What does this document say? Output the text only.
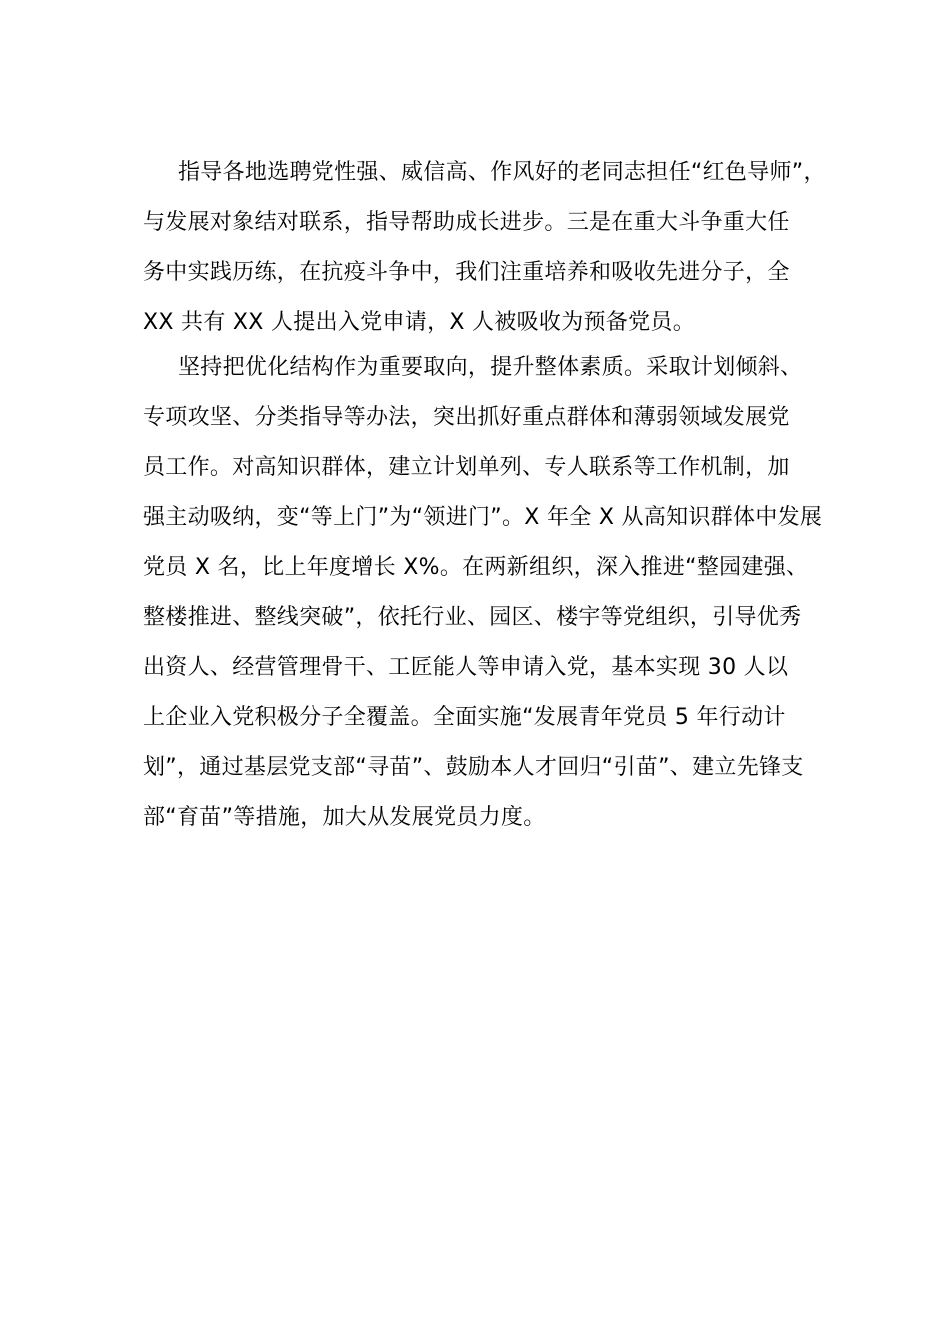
指导各地选聘党性强、威信高、作风好的老同志担任“红色导师”，
与发展对象结对联系，指导帮助成长进步。三是在重大斗争重大任
务中实践历练，在抗疫斗争中，我们注重培养和吸收先进分子，全
XX 共有 XX 人提出入党申请，X 人被吸收为预备党员。
坚持把优化结构作为重要取向，提升整体素质。采取计划倾斜、
专项攻坚、分类指导等办法，突出抓好重点群体和薄弱领域发展党
员工作。对高知识群体，建立计划单列、专人联系等工作机制，加
强主动吸纳，变“等上门”为“领进门”。X 年全 X 从高知识群体中发展
党员 X 名，比上年度增长 X%。在两新组织，深入推进“整园建强、
整楼推进、整线突破”，依托行业、园区、楼宇等党组织，引导优秀
出资人、经营管理骨干、工匠能人等申请入党，基本实现 30 人以
上企业入党积极分子全覆盖。全面实施“发展青年党员 5 年行动计
划”，通过基层党支部“寻苗”、鼓励本人才回归“引苗”、建立先锋支
部“育苗”等措施，加大从发展党员力度。
